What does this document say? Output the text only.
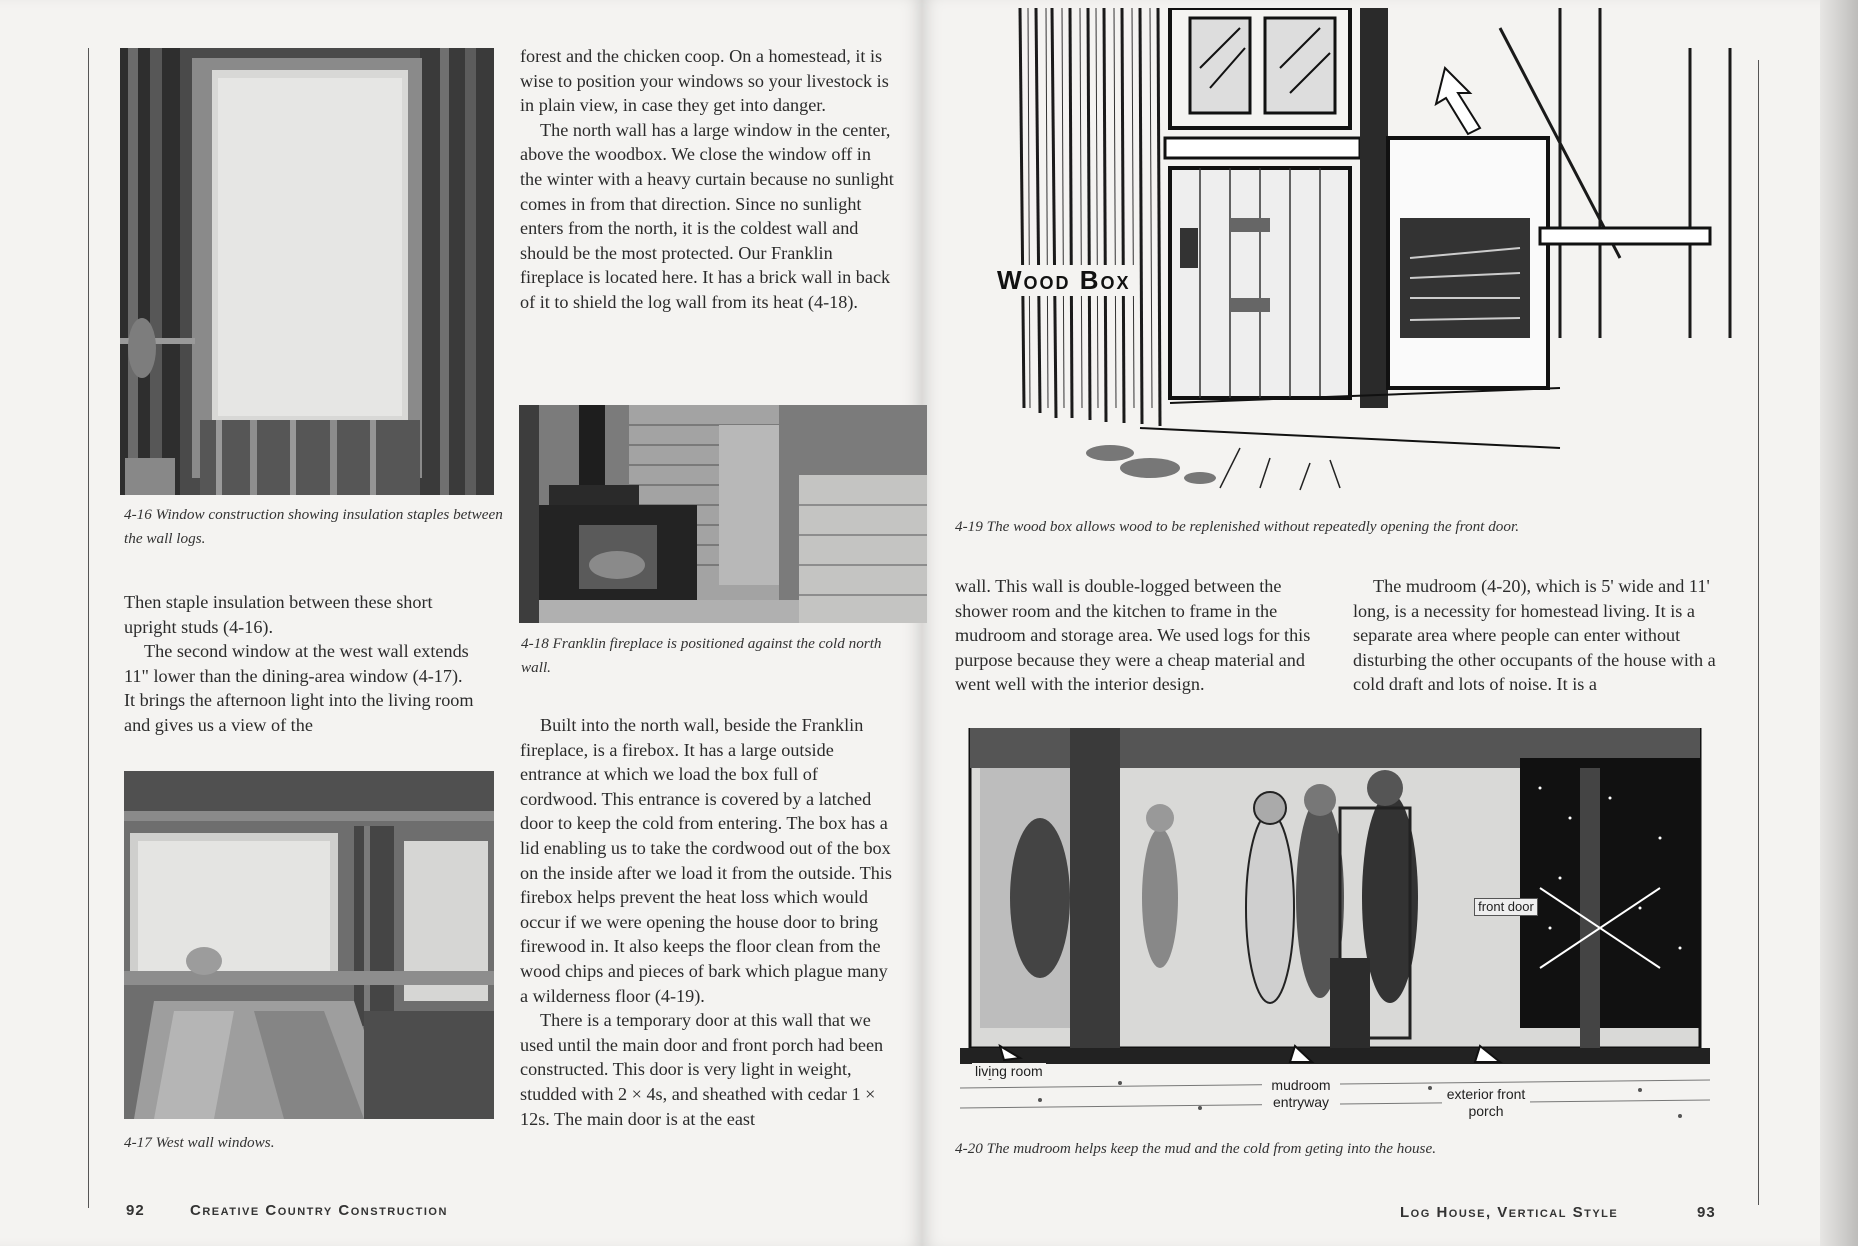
4-16 Window construction showing insulation staples between the wall logs.

Then staple insulation between these short upright studs (4-16).

The second window at the west wall extends 11" lower than the dining-area window (4-17). It brings the afternoon light into the living room and gives us a view of the

4-17 West wall windows.

forest and the chicken coop. On a homestead, it is wise to position your windows so your livestock is in plain view, in case they get into danger.

The north wall has a large window in the center, above the woodbox. We close the window off in the winter with a heavy curtain because no sunlight comes in from that direction. Since no sunlight enters from the north, it is the coldest wall and should be the most protected. Our Franklin fireplace is located here. It has a brick wall in back of it to shield the log wall from its heat (4-18).

4-18 Franklin fireplace is positioned against the cold north wall.

Built into the north wall, beside the Franklin fireplace, is a firebox. It has a large outside entrance at which we load the box full of cordwood. This entrance is covered by a latched door to keep the cold from entering. The box has a lid enabling us to take the cordwood out of the box on the inside after we load it from the outside. This firebox helps prevent the heat loss which would occur if we were opening the house door to bring firewood in. It also keeps the floor clean from the wood chips and pieces of bark which plague many a wilderness floor (4-19).

There is a temporary door at this wall that we used until the main door and front porch had been constructed. This door is very light in weight, studded with 2 × 4s, and sheathed with cedar 1 × 12s. The main door is at the east

92	Creative Country Construction
Wood Box
4-19 The wood box allows wood to be replenished without repeatedly opening the front door.

wall. This wall is double-logged between the shower room and the kitchen to frame in the mudroom and storage area. We used logs for this purpose because they were a cheap material and went well with the interior design.

The mudroom (4-20), which is 5' wide and 11' long, is a necessity for homestead living. It is a separate area where people can enter without disturbing the other occupants of the house with a cold draft and lots of noise. It is a

front door
living room
mudroom entryway	exterior front porch
4-20 The mudroom helps keep the mud and the cold from geting into the house.
Log House, Vertical Style	93
